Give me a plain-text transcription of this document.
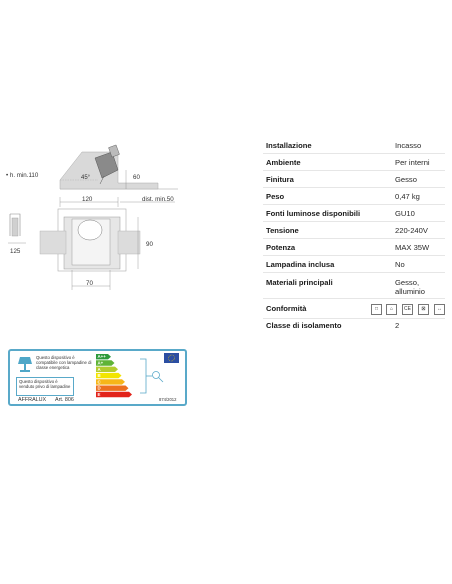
45°	60
• h. min.110
120	dist. min.50
90
70
125
Installazione	Incasso
Ambiente	Per interni
Finitura	Gesso
Peso	0,47 kg
Fonti luminose disponibili	GU10
Tensione	220-240V
Potenza	MAX 35W
Lampadina inclusa	No
Materiali principali	Gesso, alluminio
Conformità	□	⌂	CE	⊠	↔
Classe di isolamento	2
Questo dispositivo è compatibile con lampadine di classe energetica
Questo dispositivo è venduto privo di lampadine
AFFRALUX Art. 806
A++
A+
A
B
C
D
E
874/2012
